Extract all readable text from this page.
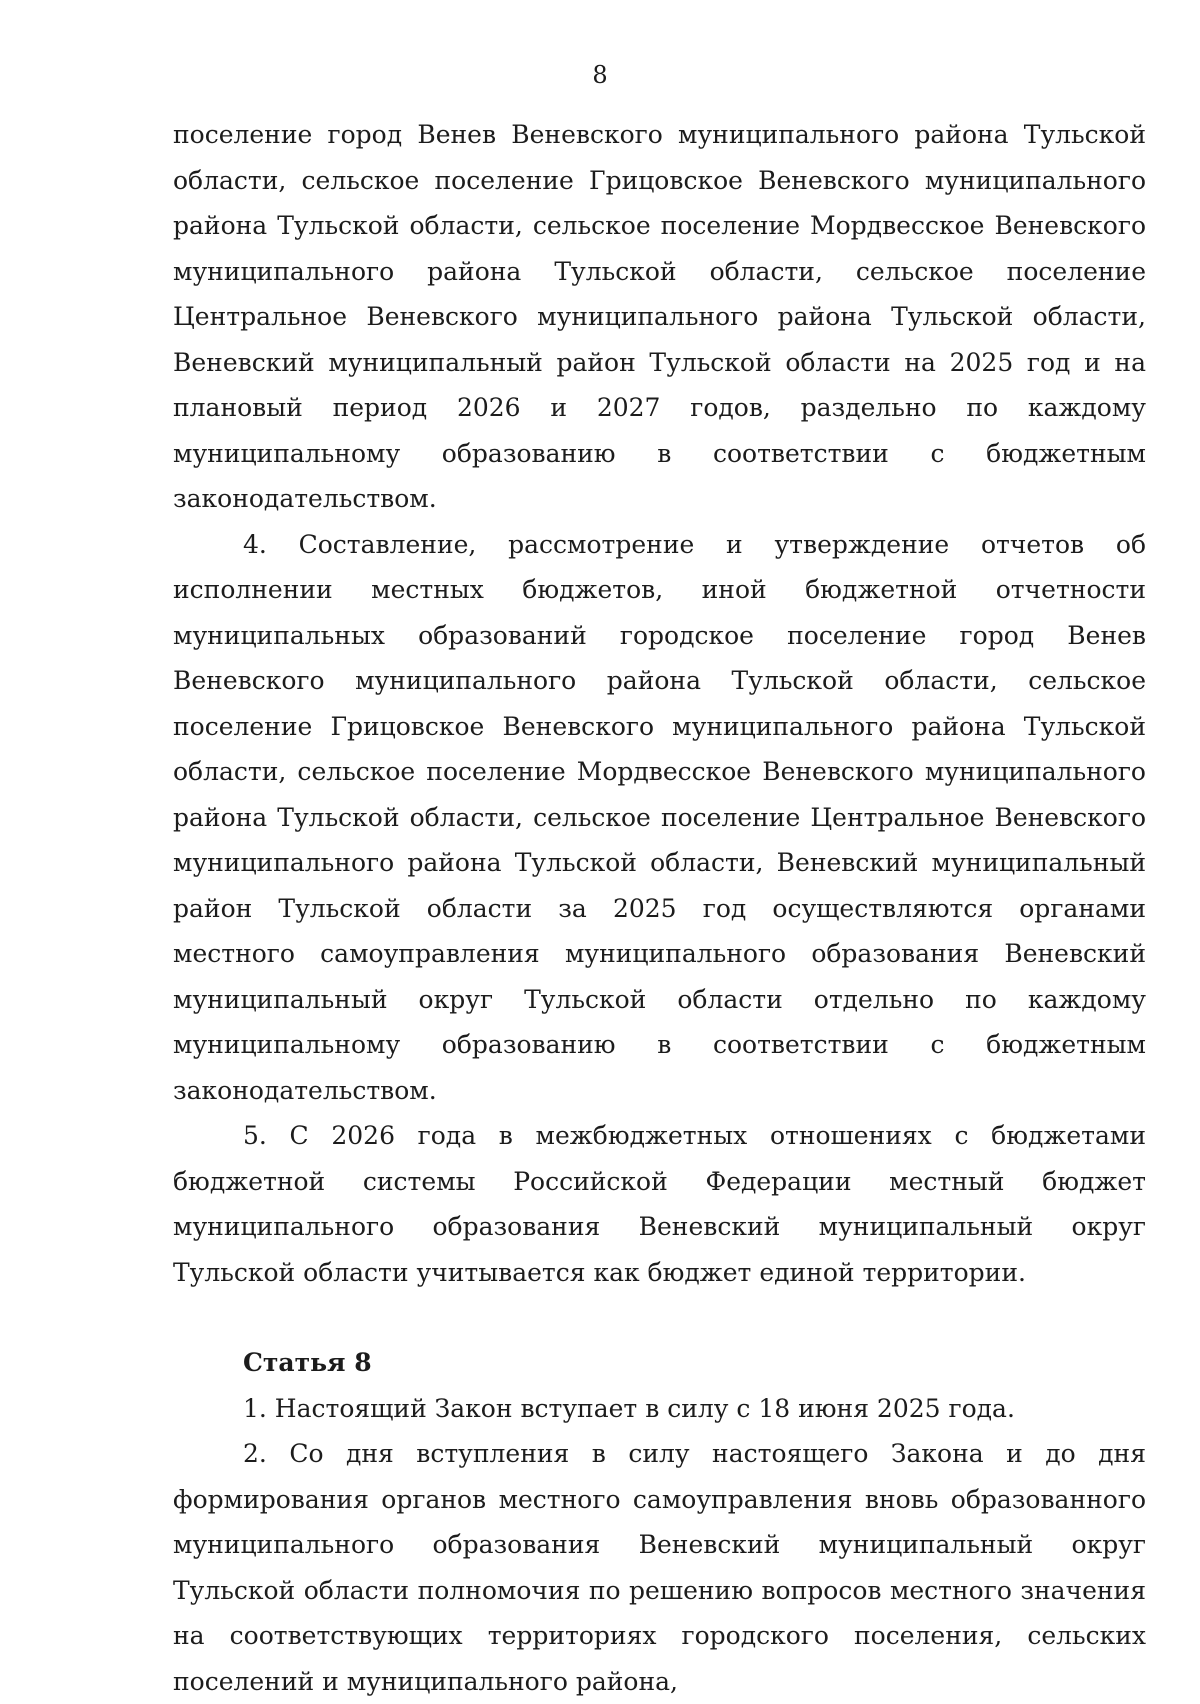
8

поселение город Венев Веневского муниципального района Тульской области, сельское поселение Грицовское Веневского муниципального района Тульской области, сельское поселение Мордвесское Веневского муниципального района Тульской области, сельское поселение Центральное Веневского муниципального района Тульской области, Веневский муниципальный район Тульской области на 2025 год и на плановый период 2026 и 2027 годов, раздельно по каждому муниципальному образованию в соответствии с бюджетным законодательством.

4. Составление, рассмотрение и утверждение отчетов об исполнении местных бюджетов, иной бюджетной отчетности муниципальных образований городское поселение город Венев Веневского муниципального района Тульской области, сельское поселение Грицовское Веневского муниципального района Тульской области, сельское поселение Мордвесское Веневского муниципального района Тульской области, сельское поселение Центральное Веневского муниципального района Тульской области, Веневский муниципальный район Тульской области за 2025 год осуществляются органами местного самоуправления муниципального образования Веневский муниципальный округ Тульской области отдельно по каждому муниципальному образованию в соответствии с бюджетным законодательством.

5. С 2026 года в межбюджетных отношениях с бюджетами бюджетной системы Российской Федерации местный бюджет муниципального образования Веневский муниципальный округ Тульской области учитывается как бюджет единой территории.

Статья 8

1. Настоящий Закон вступает в силу с 18 июня 2025 года.

2. Со дня вступления в силу настоящего Закона и до дня формирования органов местного самоуправления вновь образованного муниципального образования Веневский муниципальный округ Тульской области полномочия по решению вопросов местного значения на соответствующих территориях городского поселения, сельских поселений и муниципального района,
